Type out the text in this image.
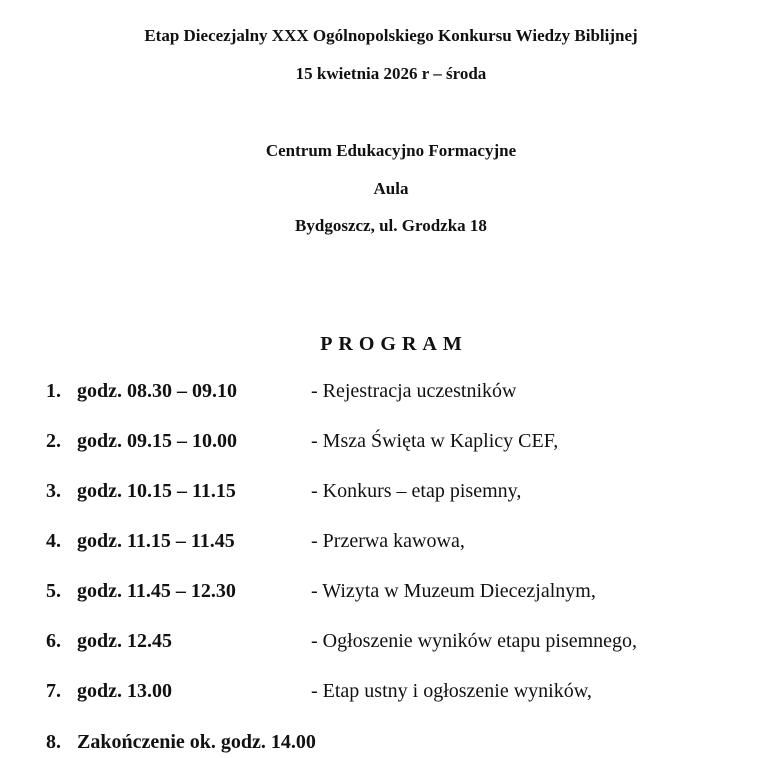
Etap Diecezjalny XXX Ogólnopolskiego Konkursu Wiedzy Biblijnej
15 kwietnia 2026 r – środa
Centrum Edukacyjno Formacyjne
Aula
Bydgoszcz, ul. Grodzka 18
PROGRAM
1. godz. 08.30 – 09.10	- Rejestracja uczestników
2. godz. 09.15 – 10.00	- Msza Święta w Kaplicy CEF,
3. godz. 10.15 – 11.15	- Konkurs – etap pisemny,
4. godz. 11.15 – 11.45	- Przerwa kawowa,
5. godz. 11.45 – 12.30	- Wizyta w Muzeum Diecezjalnym,
6. godz. 12.45	- Ogłoszenie wyników etapu pisemnego,
7. godz. 13.00	- Etap ustny i ogłoszenie wyników,
8. Zakończenie ok. godz. 14.00
